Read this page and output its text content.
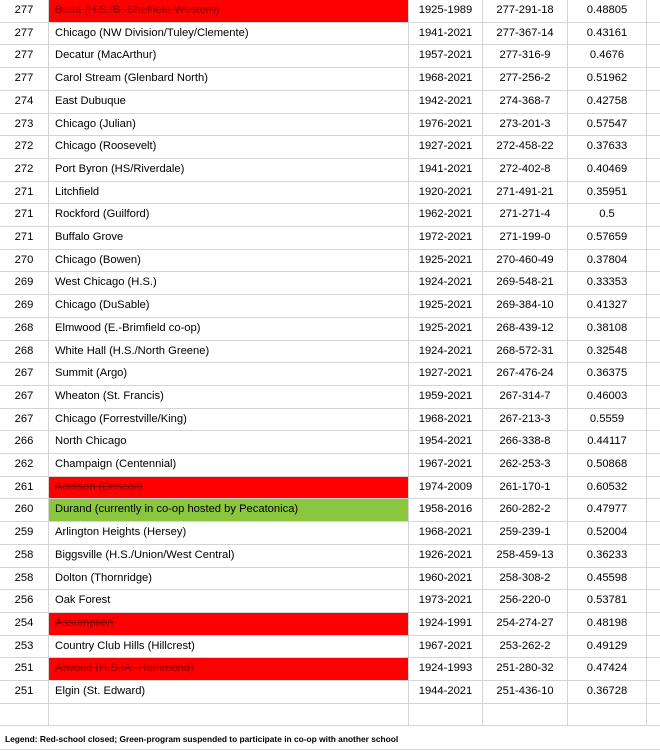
277	Buda (H.S./B.-Sheffield-Western)	1925-1989	277-291-18	0.48805	
277	Chicago (NW Division/Tuley/Clemente)	1941-2021	277-367-14	0.43161	
277	Decatur (MacArthur)	1957-2021	277-316-9	0.4676	
277	Carol Stream (Glenbard North)	1968-2021	277-256-2	0.51962	
274	East Dubuque	1942-2021	274-368-7	0.42758	
273	Chicago (Julian)	1976-2021	273-201-3	0.57547	
272	Chicago (Roosevelt)	1927-2021	272-458-22	0.37633	
272	Port Byron (HS/Riverdale)	1941-2021	272-402-8	0.40469	
271	Litchfield	1920-2021	271-491-21	0.35951	
271	Rockford (Guilford)	1962-2021	271-271-4	0.5	
271	Buffalo Grove	1972-2021	271-199-0	0.57659	
270	Chicago (Bowen)	1925-2021	270-460-49	0.37804	
269	West Chicago (H.S.)	1924-2021	269-548-21	0.33353	
269	Chicago (DuSable)	1925-2021	269-384-10	0.41327	
268	Elmwood (E.-Brimfield co-op)	1925-2021	268-439-12	0.38108	
268	White Hall (H.S./North Greene)	1924-2021	268-572-31	0.32548	
267	Summit (Argo)	1927-2021	267-476-24	0.36375	
267	Wheaton (St. Francis)	1959-2021	267-314-7	0.46003	
267	Chicago (Forrestville/King)	1968-2021	267-213-3	0.5559	
266	North Chicago	1954-2021	266-338-8	0.44117	
262	Champaign (Centennial)	1967-2021	262-253-3	0.50868	
261	Addison (Driscoll)	1974-2009	261-170-1	0.60532	
260	Durand (currently in co-op hosted by Pecatonica)	1958-2016	260-282-2	0.47977	
259	Arlington Heights (Hersey)	1968-2021	259-239-1	0.52004	
258	Biggsville (H.S./Union/West Central)	1926-2021	258-459-13	0.36233	
258	Dolton (Thornridge)	1960-2021	258-308-2	0.45598	
256	Oak Forest	1973-2021	256-220-0	0.53781	
254	Assumption	1924-1991	254-274-27	0.48198	
253	Country Club Hills (Hillcrest)	1967-2021	253-262-2	0.49129	
251	Atwood (H.S./A.-Hammond)	1924-1993	251-280-32	0.47424	
251	Elgin (St. Edward)	1944-2021	251-436-10	0.36728	

Legend: Red-school closed; Green-program suspended to participate in co-op with another school
